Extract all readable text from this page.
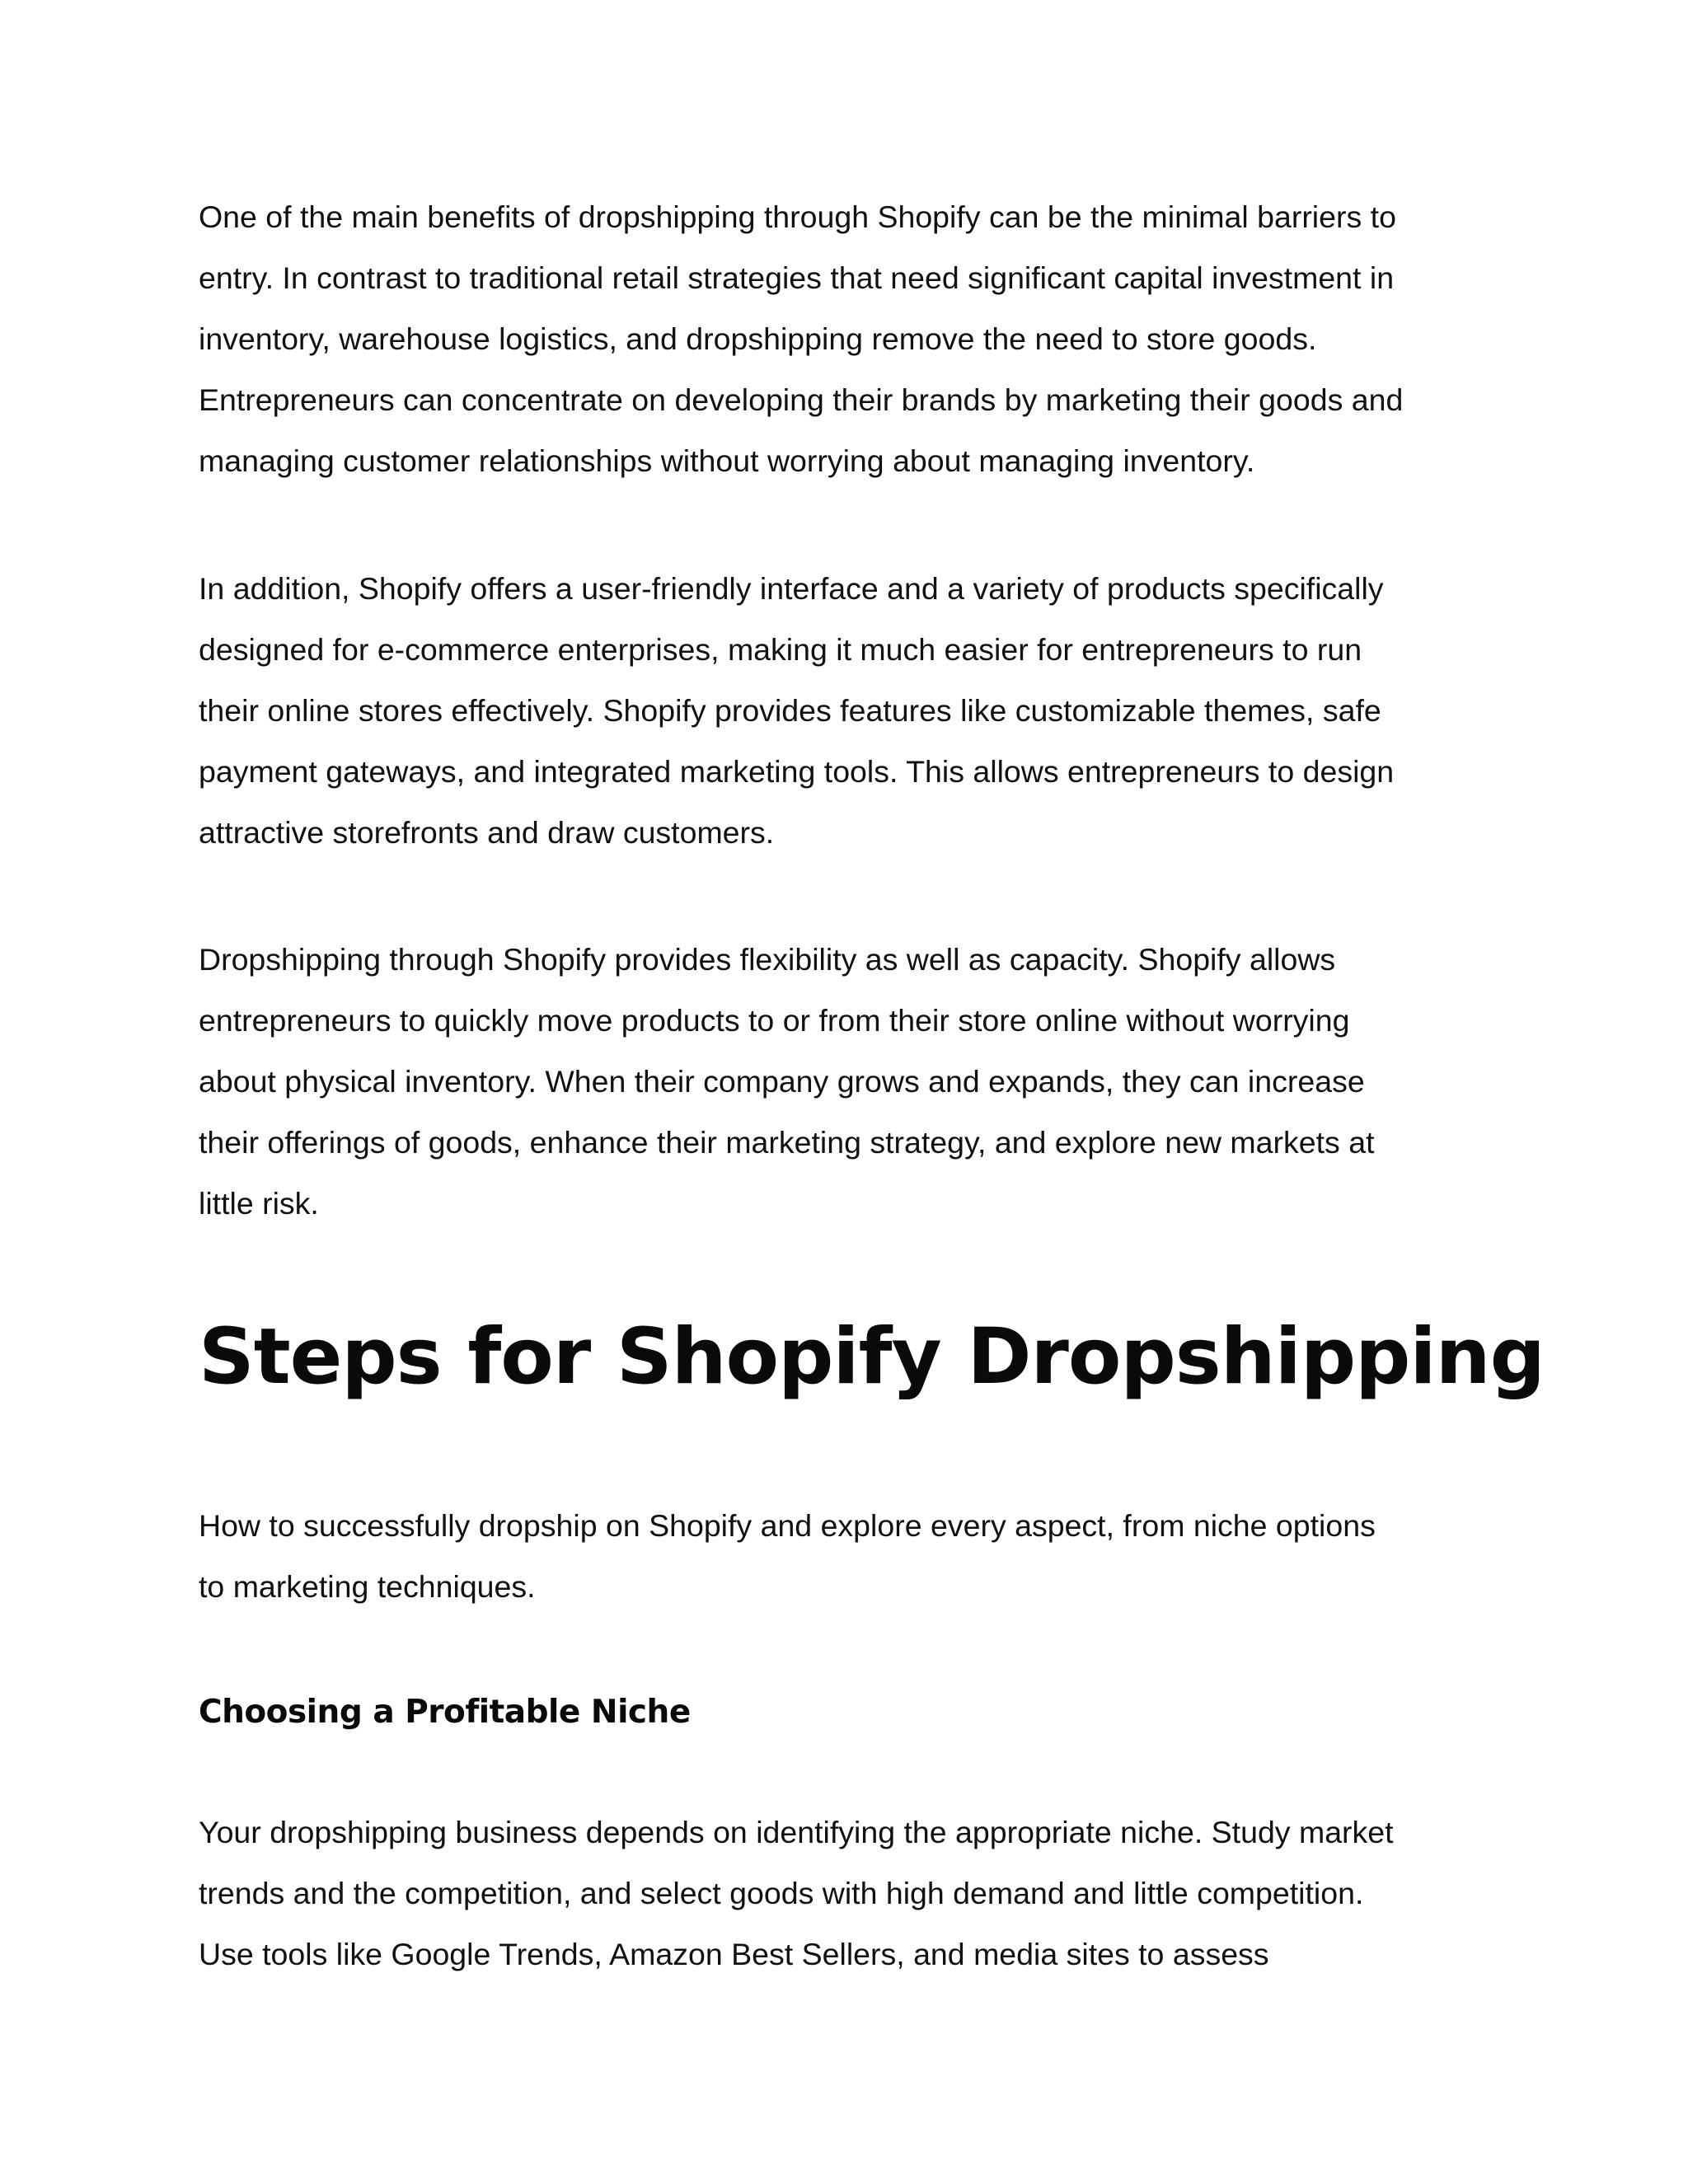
One of the main benefits of dropshipping through Shopify can be the minimal barriers to
entry. In contrast to traditional retail strategies that need significant capital investment in
inventory, warehouse logistics, and dropshipping remove the need to store goods.
Entrepreneurs can concentrate on developing their brands by marketing their goods and
managing customer relationships without worrying about managing inventory.

In addition, Shopify offers a user-friendly interface and a variety of products specifically
designed for e-commerce enterprises, making it much easier for entrepreneurs to run
their online stores effectively. Shopify provides features like customizable themes, safe
payment gateways, and integrated marketing tools. This allows entrepreneurs to design
attractive storefronts and draw customers.

Dropshipping through Shopify provides flexibility as well as capacity. Shopify allows
entrepreneurs to quickly move products to or from their store online without worrying
about physical inventory. When their company grows and expands, they can increase
their offerings of goods, enhance their marketing strategy, and explore new markets at
little risk.

Steps for Shopify Dropshipping

How to successfully dropship on Shopify and explore every aspect, from niche options
to marketing techniques.

Choosing a Profitable Niche

Your dropshipping business depends on identifying the appropriate niche. Study market
trends and the competition, and select goods with high demand and little competition.
Use tools like Google Trends, Amazon Best Sellers, and media sites to assess
